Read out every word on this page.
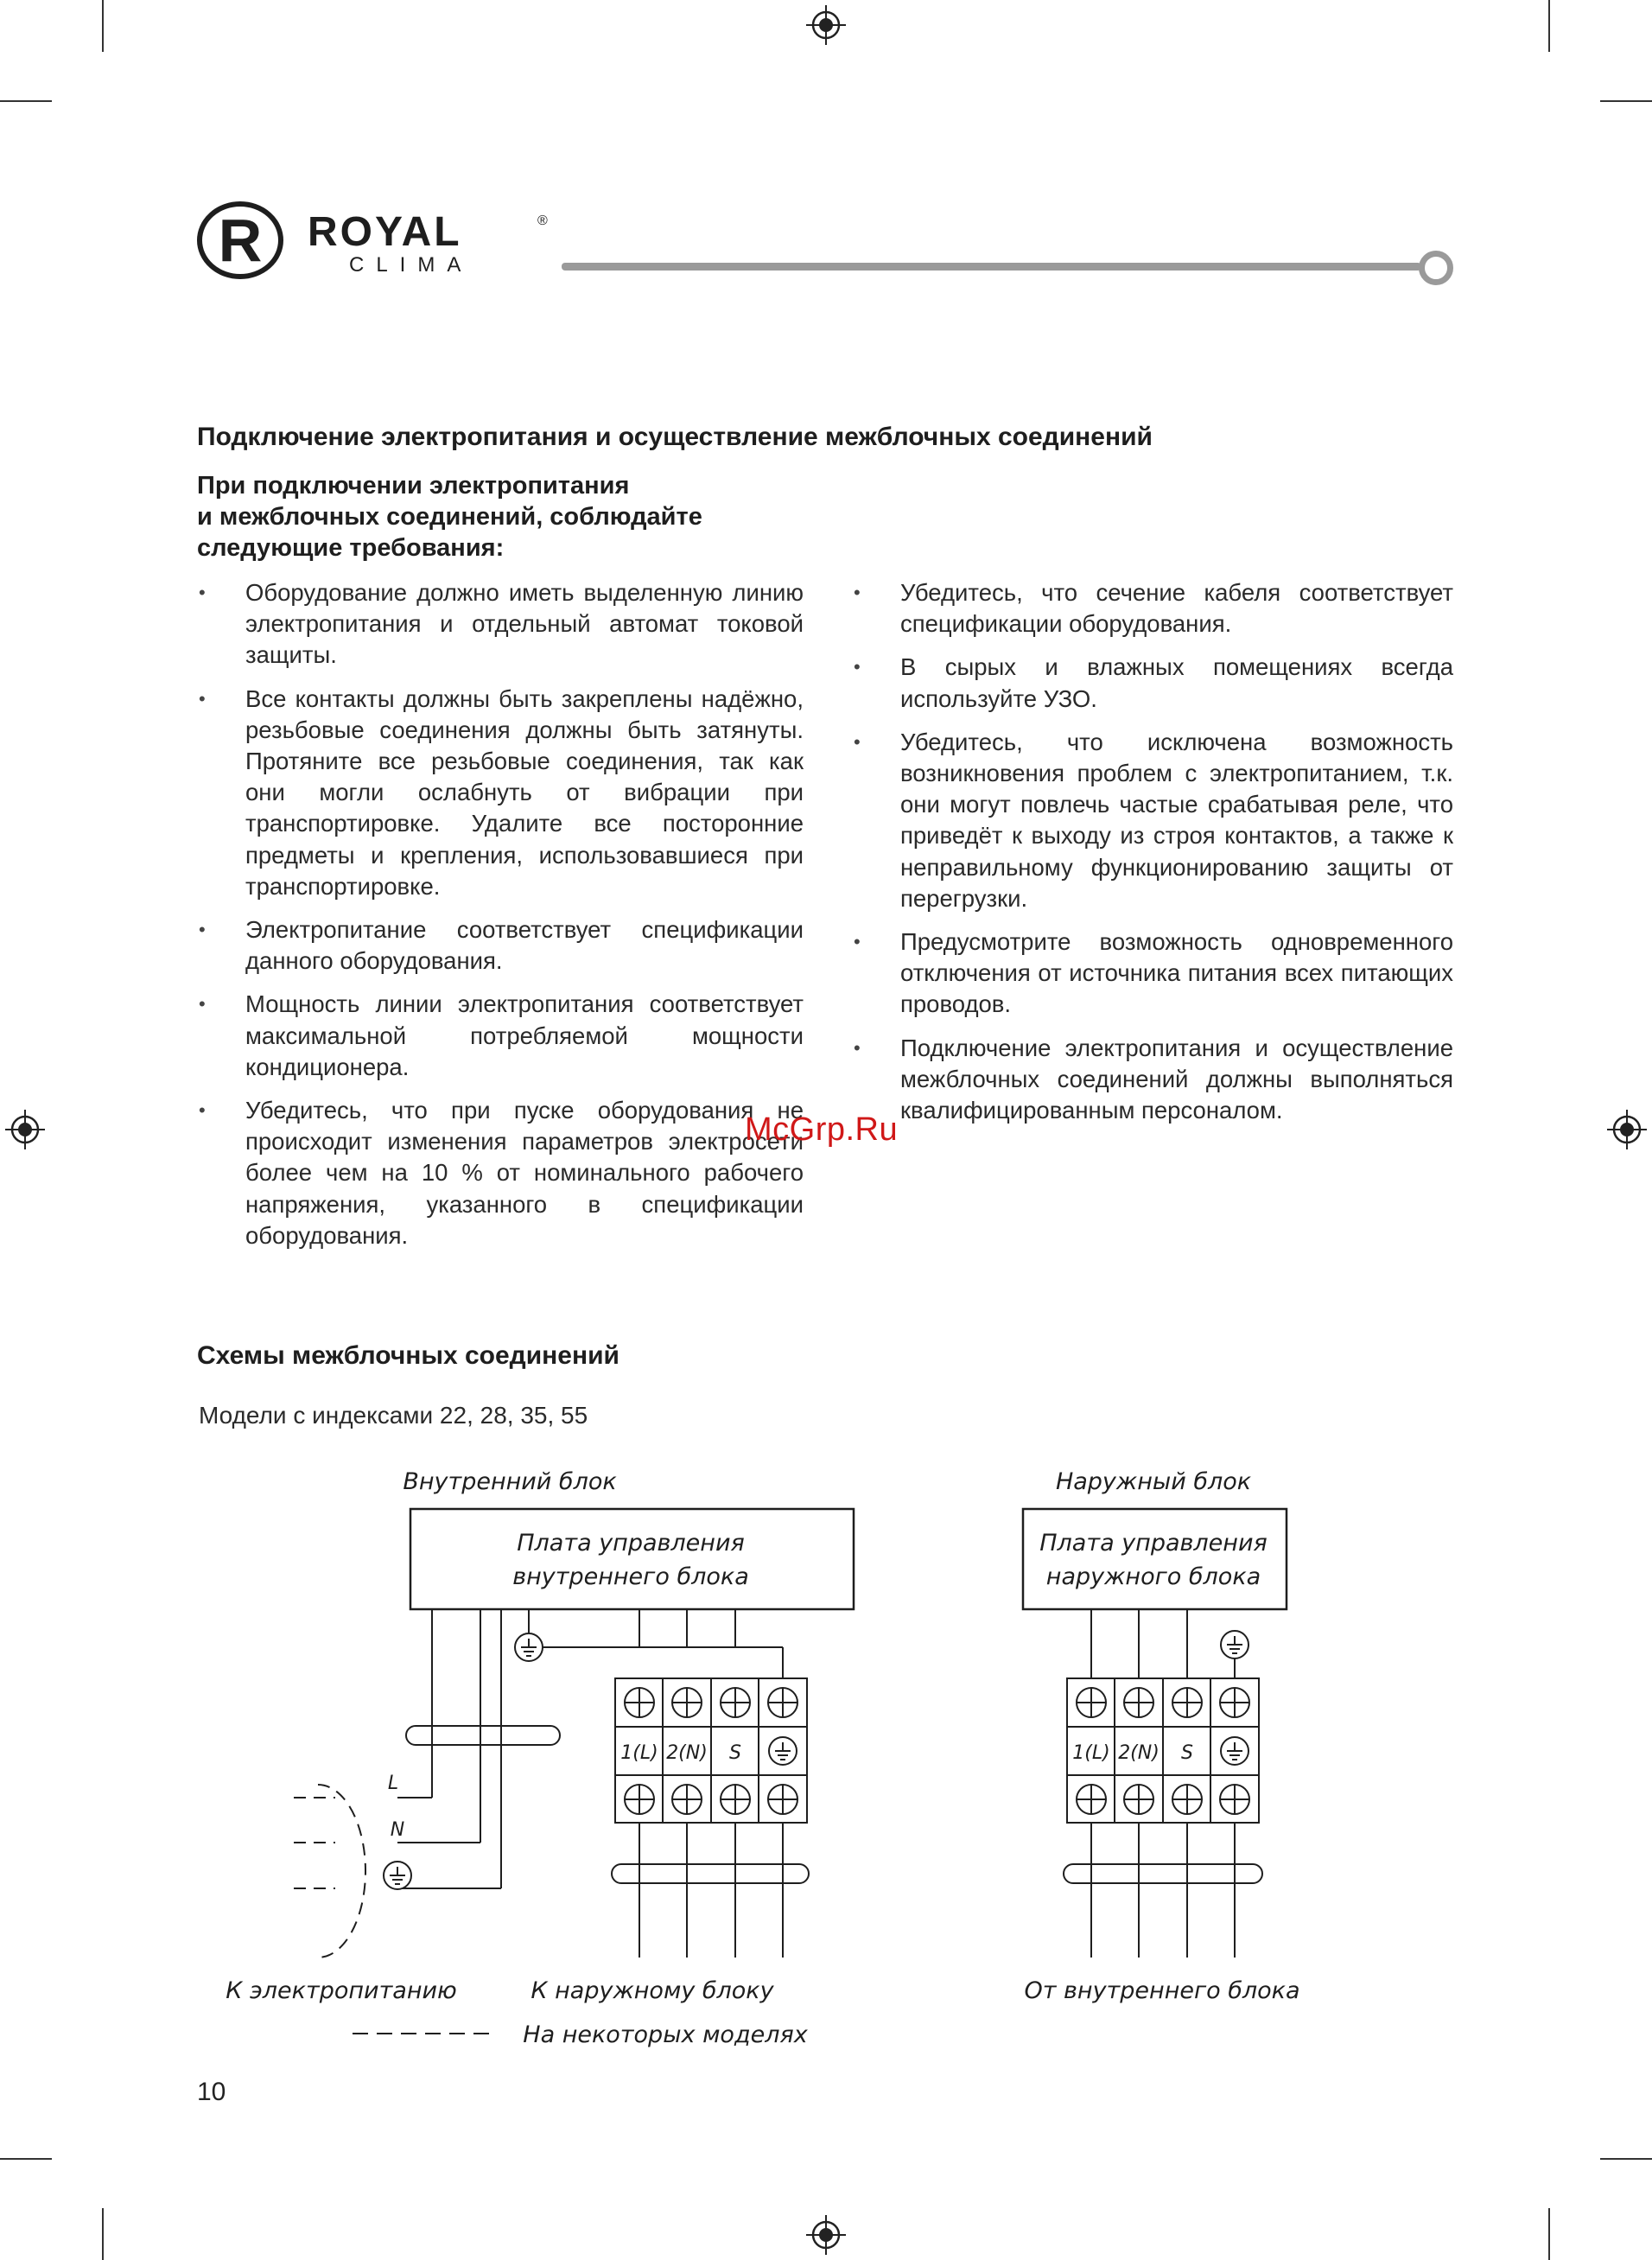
R ROYAL	®
CLIMA
Подключение электропитания и осуществление межблочных соединений
При подключении электропитания
и межблочных соединений, соблюдайте
следующие требования:
• Оборудование должно иметь выделенную линию электропитания и отдельный автомат токовой защиты.
• Все контакты должны быть закреплены надёжно, резьбовые соединения должны быть затянуты. Протяните все резьбовые соединения, так как они могли ослабнуть от вибрации при транспортировке. Удалите все посторонние предметы и крепления, использовавшиеся при транспортировке.
• Электропитание соответствует спецификации данного оборудования.
• Мощность линии электропитания соответствует максимальной потребляемой мощности кондиционера.
• Убедитесь, что при пуске оборудования не происходит изменения параметров электросети более чем на 10 % от номинального рабочего напряжения, указанного в спецификации оборудования.
• Убедитесь, что сечение кабеля соответствует спецификации оборудования.
• В сырых и влажных помещениях всегда используйте УЗО.
• Убедитесь, что исключена возможность возникновения проблем с электропитанием, т.к. они могут повлечь частые срабатывая реле, что приведёт к выходу из строя контактов, а также к неправильному функционированию защиты от перегрузки.
• Предусмотрите возможность одновременного отключения от источника питания всех питающих проводов.
• Подключение электропитания и осуществление межблочных соединений должны выполняться квалифицированным персоналом.
McGrp.Ru
Схемы межблочных соединений
Модели с индексами 22, 28, 35, 55
Внутренний блок
Плата управления
внутреннего блока
1(L) 2(N) S
L
N
К электропитанию	К наружному блоку
На некоторых моделях
Наружный блок
Плата управления
наружного блока
1(L) 2(N) S
От внутреннего блока
10
